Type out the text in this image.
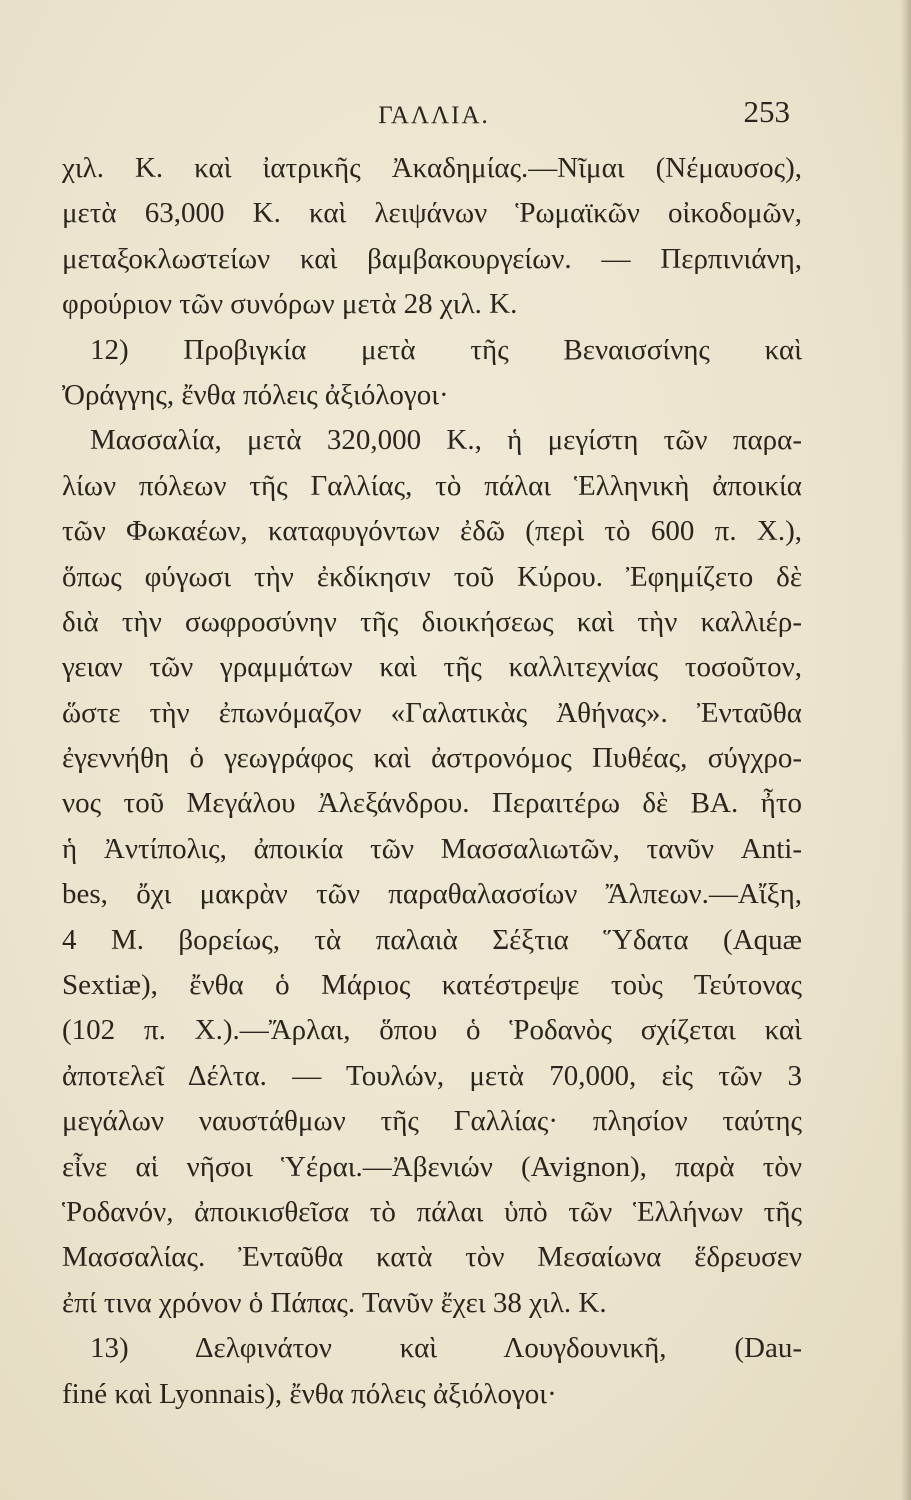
ΓΑΛΛΙΑ.	253
χιλ. Κ. καὶ ἰατρικῆς Ἀκαδημίας.—Νῖμαι (Νέμαυσος),
μετὰ 63,000 Κ. καὶ λειψάνων Ῥωμαϊκῶν οἰκοδομῶν,
μεταξοκλωστείων καὶ βαμβακουργείων. — Περπινιάνη,
φρούριον τῶν συνόρων μετὰ 28 χιλ. Κ.
12) Προβιγκία μετὰ τῆς Βεναισσίνης καὶ
Ὀράγγης, ἔνθα πόλεις ἀξιόλογοι·
Μασσαλία, μετὰ 320,000 Κ., ἡ μεγίστη τῶν παρα-
λίων πόλεων τῆς Γαλλίας, τὸ πάλαι Ἑλληνικὴ ἀποικία
τῶν Φωκαέων, καταφυγόντων ἐδῶ (περὶ τὸ 600 π. Χ.),
ὅπως φύγωσι τὴν ἐκδίκησιν τοῦ Κύρου. Ἐφημίζετο δὲ
διὰ τὴν σωφροσύνην τῆς διοικήσεως καὶ τὴν καλλιέρ-
γειαν τῶν γραμμάτων καὶ τῆς καλλιτεχνίας τοσοῦτον,
ὥστε τὴν ἐπωνόμαζον «Γαλατικὰς Ἀθήνας». Ἐνταῦθα
ἐγεννήθη ὁ γεωγράφος καὶ ἀστρονόμος Πυθέας, σύγχρο-
νος τοῦ Μεγάλου Ἀλεξάνδρου. Περαιτέρω δὲ ΒΑ. ἦτο
ἡ Ἀντίπολις, ἀποικία τῶν Μασσαλιωτῶν, τανῦν Anti-
bes, ὄχι μακρὰν τῶν παραθαλασσίων Ἄλπεων.—Αἴξη,
4 Μ. βορείως, τὰ παλαιὰ Σέξτια Ὕδατα (Aquæ
Sextiæ), ἔνθα ὁ Μάριος κατέστρεψε τοὺς Τεύτονας
(102 π. Χ.).—Ἄρλαι, ὅπου ὁ Ῥοδανὸς σχίζεται καὶ
ἀποτελεῖ Δέλτα. — Τουλών, μετὰ 70,000, εἰς τῶν 3
μεγάλων ναυστάθμων τῆς Γαλλίας· πλησίον ταύτης
εἶνε αἱ νῆσοι Ὑέραι.—Ἀβενιών (Avignon), παρὰ τὸν
Ῥοδανόν, ἀποικισθεῖσα τὸ πάλαι ὑπὸ τῶν Ἑλλήνων τῆς
Μασσαλίας. Ἐνταῦθα κατὰ τὸν Μεσαίωνα ἕδρευσεν
ἐπί τινα χρόνον ὁ Πάπας. Τανῦν ἔχει 38 χιλ. Κ.
13) Δελφινάτον καὶ Λουγδουνικῆ, (Dau-
finé καὶ Lyonnais), ἔνθα πόλεις ἀξιόλογοι·
